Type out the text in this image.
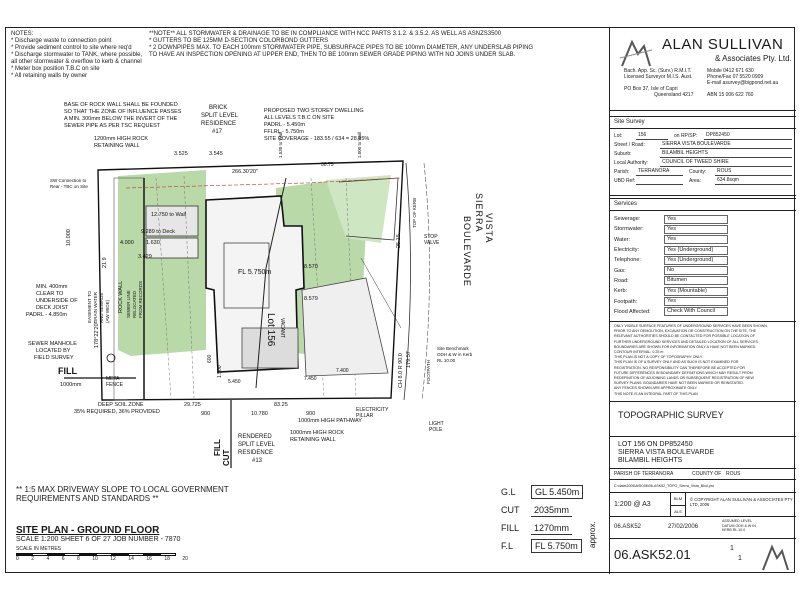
NOTES:
* Discharge waste to connection point
* Provide sediment control to site where req'd
* Discharge stormwater to TANK, where possible,
all other stormwater & overflow to kerb & channel
* Meter box position T.B.C on site
* All retaining walls by owner
**NOTE** ALL STORMWATER & DRAINAGE TO BE IN COMPLIANCE WITH NCC PARTS 3.1.2. & 3.5.2. AS WELL AS ASNZS3500
* GUTTERS TO BE 125MM D-SECTION COLORBOND GUTTERS
* 2 DOWNPIPES MAX. TO EACH 100mm STORMWATER PIPE, SUBSURFACE PIPES TO BE 100mm DIAMETER, ANY UNDERSLAB PIPING
TO HAVE AN INSPECTION OPENING AT UPPER END, THEN TO BE 100mm SEWER GRADE PIPING WITH NO JOINS UNDER SLAB.
BRICK
SPLIT LEVEL
RESIDENCE
#17
BASE OF ROCK WALL SHALL BE FOUNDED
SO THAT THE ZONE OF INFLUENCE PASSES
A MIN. 300mm BELOW THE INVERT OF THE
SEWER PIPE AS PER TSC REQUEST
1200mm HIGH ROCK
RETAINING WALL
PROPOSED TWO STOREY DWELLING
ALL LEVELS T.B.C ON SITE
PADRL - 5.450m
FFLRL - 5.750m
SITE COVERAGE - 183.55 / 634 = 28.95%
3.525	3.545
266.30'20"
30.75
1.530 to Wall	1.500 to Wall
SW Connection to
Rear - TBC on Site
12.750 to Wall
9.289 to Deck
4.000 1.630
3.429
10.000
21.9
EASEMENT TO DRAIN WATER AND SEWAGE (AW WIDE)	SEWER LINE RELOCATED FROM RECORDS
ROCK WALL
178°22'20"
MIN. 400mm
CLEAR TO
UNDERSIDE OF
DECK JOIST
PADRL - 4.850m
SEWER MANHOLE
LOCATED BY
FIELD SURVEY
FILL
1000mm
META
FENCE
DEEP SOIL ZONE
35% REQUIRED, 36% PROVIDED
FL 5.750m
Lot 156 VACANT
8.570
8.579
5.450
600
1.500
7.450
7.400
900	10.780	900
29.725	83.25
CH 8.0 R 90.0 179.57
25.15	STOP
VALVE
Site Benchmark
ODH & W in Kerb
RL 10.00
FOOTPATH
TOP OF KERB
1000mm HIGH PATHWAY
1000mm HIGH ROCK
RETAINING WALL
ELECTRICITY
PILLAR
LIGHT
POLE
FILL
CUT
RENDERED
SPLIT LEVEL
RESIDENCE
#13
SIERRA VISTA
BOULEVARDE
** 1:5 MAX DRIVEWAY SLOPE TO LOCAL GOVERNMENT
REQUIREMENTS AND STANDARDS **
SITE PLAN - GROUND FLOOR
SCALE 1:200 SHEET 6 OF 27 JOB NUMBER - 7870
SCALE IN METRES
0 2 4 6 8 10 12 14 16 18 20
G.L	GL 5.450m
CUT	2035mm
FILL	1270mm
F.L	FL 5.750m	approx.
ALAN SULLIVAN
& Associates Pty. Ltd.
Bach. App. Sc. (Surv.) R.M.I.T.
Licensed Surveyor M.I.S. Aust.
PO Box 37, Isle of Capri
Queensland 4217
Mobile 0412 671 630
Phone/Fax 07 5520 0909
E-mail asurvey@bigpond.net.au
ABN 15 006 622 760
Site Survey
Lot:	156	on RP/SP:	DP852450
Street / Road:	SIERRA VISTA BOULEVARDE
Suburb:	BILAMBIL HEIGHTS
Local Authority:	COUNCIL OF TWEED SHIRE
Parish:	TERRANORA	County:	ROUS
UBD Ref:	Area:	634.8sqm
Services
Sewerage:	Yes
Stormwater:	Yes
Water:	Yes
Electricity:	Yes (Underground)
Telephone:	Yes (Underground)
Gas:	No
Road:	Bitumen
Kerb:	Yes (Mountable)
Footpath:	Yes
Flood Affected:	Check With Council
ONLY VISIBLE SURFACE FEATURES OF UNDERGROUND SERVICES HAVE BEEN SHOWN.
PRIOR TO ANY DEMOLITION, EXCAVATION OR CONSTRUCTION ON THE SITE, THE
RELEVANT AUTHORITIES SHOULD BE CONTACTED FOR POSSIBLE LOCATION OF
FURTHER UNDERGROUND SERVICES AND DETAILED LOCATION OF ALL SERVICES.
BOUNDARIES ARE SHOWN FOR INFORMATION ONLY & HAVE NOT BEEN MARKED.
CONTOUR INTERVAL: 0.25 m
THIS PLAN IS NOT A COPY OF TOPOGRAPHY ONLY.
THIS PLAN IS OF A SURVEY ONLY AND AS SUCH IS NOT EXAMINED FOR
REGISTRATION. NO RESPONSIBILITY CAN THEREFORE BE ACCEPTED FOR
FUTURE DIFFERENCES IN BOUNDARY DEFINITIONS WHICH MAY RESULT FROM
REDEFINITION OF ADJOINING LANDS OR SUBSEQUENT REGISTRATION OF NEW
SURVEY PLANS. BOUNDARIES HAVE NOT BEEN MARKED OR REINSTATED.
ANY FENCES SHOWN ARE APPROXIMATE ONLY.
THIS NOTE IS AN INTEGRAL PART OF THIS PLAN
TOPOGRAPHIC SURVEY
LOT 156 ON DP852450
SIERRA VISTA BOULEVARDE
BILAMBIL HEIGHTS
PARISH OF TERRANORA	COUNTY OF ROUS
C:\data\2006\ASK\06\06-ASK52_TOPO_Sierra_Vista_Blvd.pro
1:200 @ A3
BLM
ALS
© COPYRIGHT ALAN SULLIVAN & ASSOCIATES PTY LTD, 2006
06.ASK52	27/02/2006
ASSUMED LEVEL DATUM ODH & W IN KERB RL 10.0
06.ASK52.01	1
1
